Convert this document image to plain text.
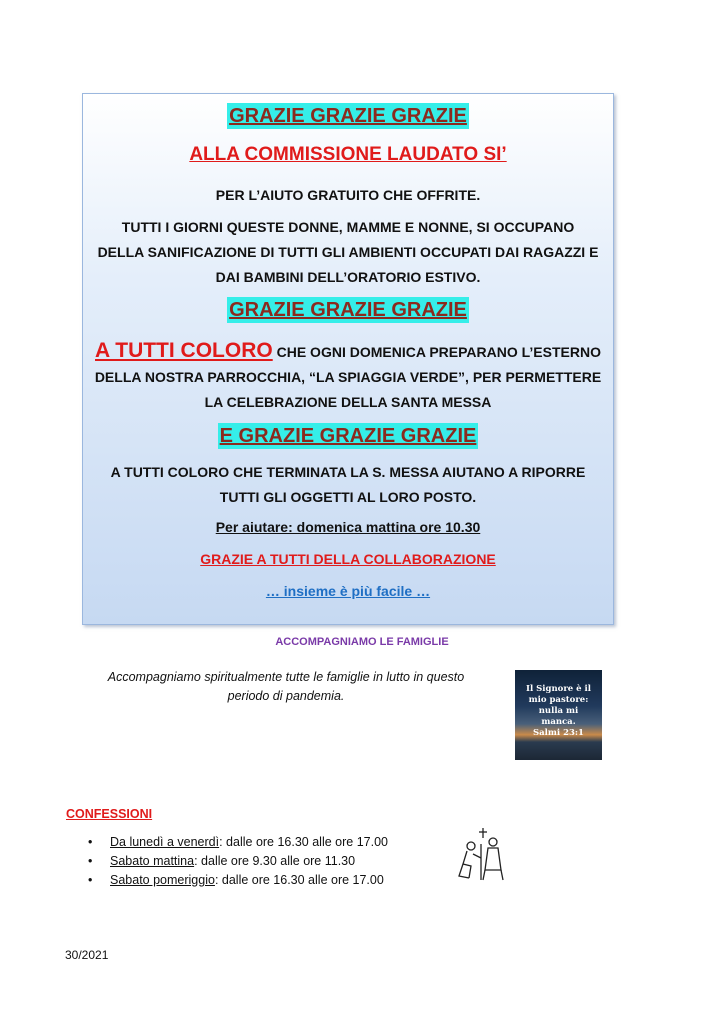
GRAZIE GRAZIE GRAZIE
ALLA COMMISSIONE LAUDATO SI’
PER L’AIUTO GRATUITO CHE OFFRITE.
TUTTI I GIORNI QUESTE DONNE, MAMME E NONNE, SI OCCUPANO
DELLA SANIFICAZIONE DI TUTTI GLI AMBIENTI OCCUPATI DAI RAGAZZI E
DAI BAMBINI DELL’ORATORIO ESTIVO.
GRAZIE GRAZIE GRAZIE
A TUTTI COLORO CHE OGNI DOMENICA PREPARANO L’ESTERNO
DELLA NOSTRA PARROCCHIA, “LA SPIAGGIA VERDE”, PER PERMETTERE
LA CELEBRAZIONE DELLA SANTA MESSA
E GRAZIE GRAZIE GRAZIE
A TUTTI COLORO CHE TERMINATA LA S. MESSA AIUTANO A RIPORRE
TUTTI GLI OGGETTI AL LORO POSTO.
Per aiutare: domenica mattina ore 10.30
GRAZIE A TUTTI DELLA COLLABORAZIONE
… insieme è più facile …
ACCOMPAGNIAMO LE FAMIGLIE
Accompagniamo spiritualmente tutte le famiglie in lutto in questo
periodo di pandemia.	Il Signore è il
mio pastore:
nulla mi
manca.
Salmi 23:1
CONFESSIONI
• Da lunedì a venerdì: dalle ore 16.30 alle ore 17.00
• Sabato mattina: dalle ore 9.30 alle ore 11.30
• Sabato pomeriggio: dalle ore 16.30 alle ore 17.00
30/2021
